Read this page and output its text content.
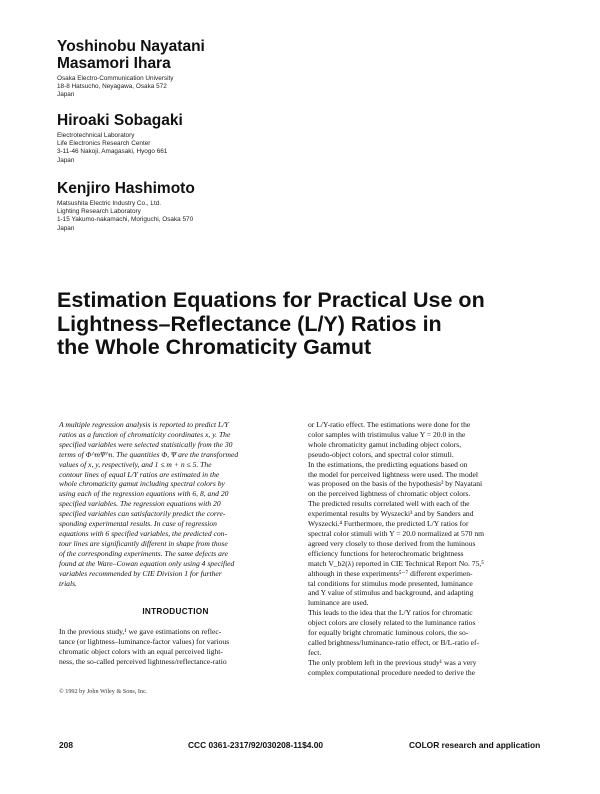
Yoshinobu Nayatani
Masamori Ihara
Osaka Electro-Communication University
18-8 Hatsucho, Neyagawa, Osaka 572
Japan
Hiroaki Sobagaki
Electrotechnical Laboratory
Life Electronics Research Center
3-11-46 Nakoji, Amagasaki, Hyogo 661
Japan
Kenjiro Hashimoto
Matsushita Electric Industry Co., Ltd.
Lighting Research Laboratory
1-15 Yakumo-nakamachi, Moriguchi, Osaka 570
Japan
Estimation Equations for Practical Use on
Lightness–Reflectance (L/Y) Ratios in
the Whole Chromaticity Gamut
A multiple regression analysis is reported to predict L/Y
ratios as a function of chromaticity coordinates x, y. The
specified variables were selected statistically from the 30
terms of Φ^mΨ^n. The quantities Φ, Ψ are the transformed
values of x, y, respectively, and 1 ≤ m + n ≤ 5. The
contour lines of equal L/Y ratios are estimated in the
whole chromaticity gamut including spectral colors by
using each of the regression equations with 6, 8, and 20
specified variables. The regression equations with 20
specified variables can satisfactorily predict the corre-
sponding experimental results. In case of regression
equations with 6 specified variables, the predicted con-
tour lines are significantly different in shape from those
of the corresponding experiments. The same defects are
found at the Ware–Cowan equation only using 4 specified
variables recommended by CIE Division 1 for further
trials.
INTRODUCTION
In the previous study,¹ we gave estimations on reflec-
tance (or lightness–luminance-factor values) for various
chromatic object colors with an equal perceived light-
ness, the so-called perceived lightness/reflectance-ratio
© 1992 by John Wiley & Sons, Inc.
or L/Y-ratio effect. The estimations were done for the
color samples with tristimulus value Y = 20.0 in the
whole chromaticity gamut including object colors,
pseudo-object colors, and spectral color stimuli.
In the estimations, the predicting equations based on
the model for perceived lightness were used. The model
was proposed on the basis of the hypothesis² by Nayatani
on the perceived lightness of chromatic object colors.
The predicted results correlated well with each of the
experimental results by Wyszecki³ and by Sanders and
Wyszecki.⁴ Furthermore, the predicted L/Y ratios for
spectral color stimuli with Y = 20.0 normalized at 570 nm
agreed very closely to those derived from the luminous
efficiency functions for heterochromatic brightness
match V_b2(λ) reported in CIE Technical Report No. 75,⁵
although in these experiments⁵⁻⁷ different experimen-
tal conditions for stimulus mode presented, luminance
and Y value of stimulus and background, and adapting
luminance are used.
This leads to the idea that the L/Y ratios for chromatic
object colors are closely related to the luminance ratios
for equally bright chromatic luminous colors, the so-
called brightness/luminance-ratio effect, or B/L-ratio ef-
fect.
The only problem left in the previous study¹ was a very
complex computational procedure needed to derive the
208	CCC 0361-2317/92/030208-11$4.00	COLOR research and application
